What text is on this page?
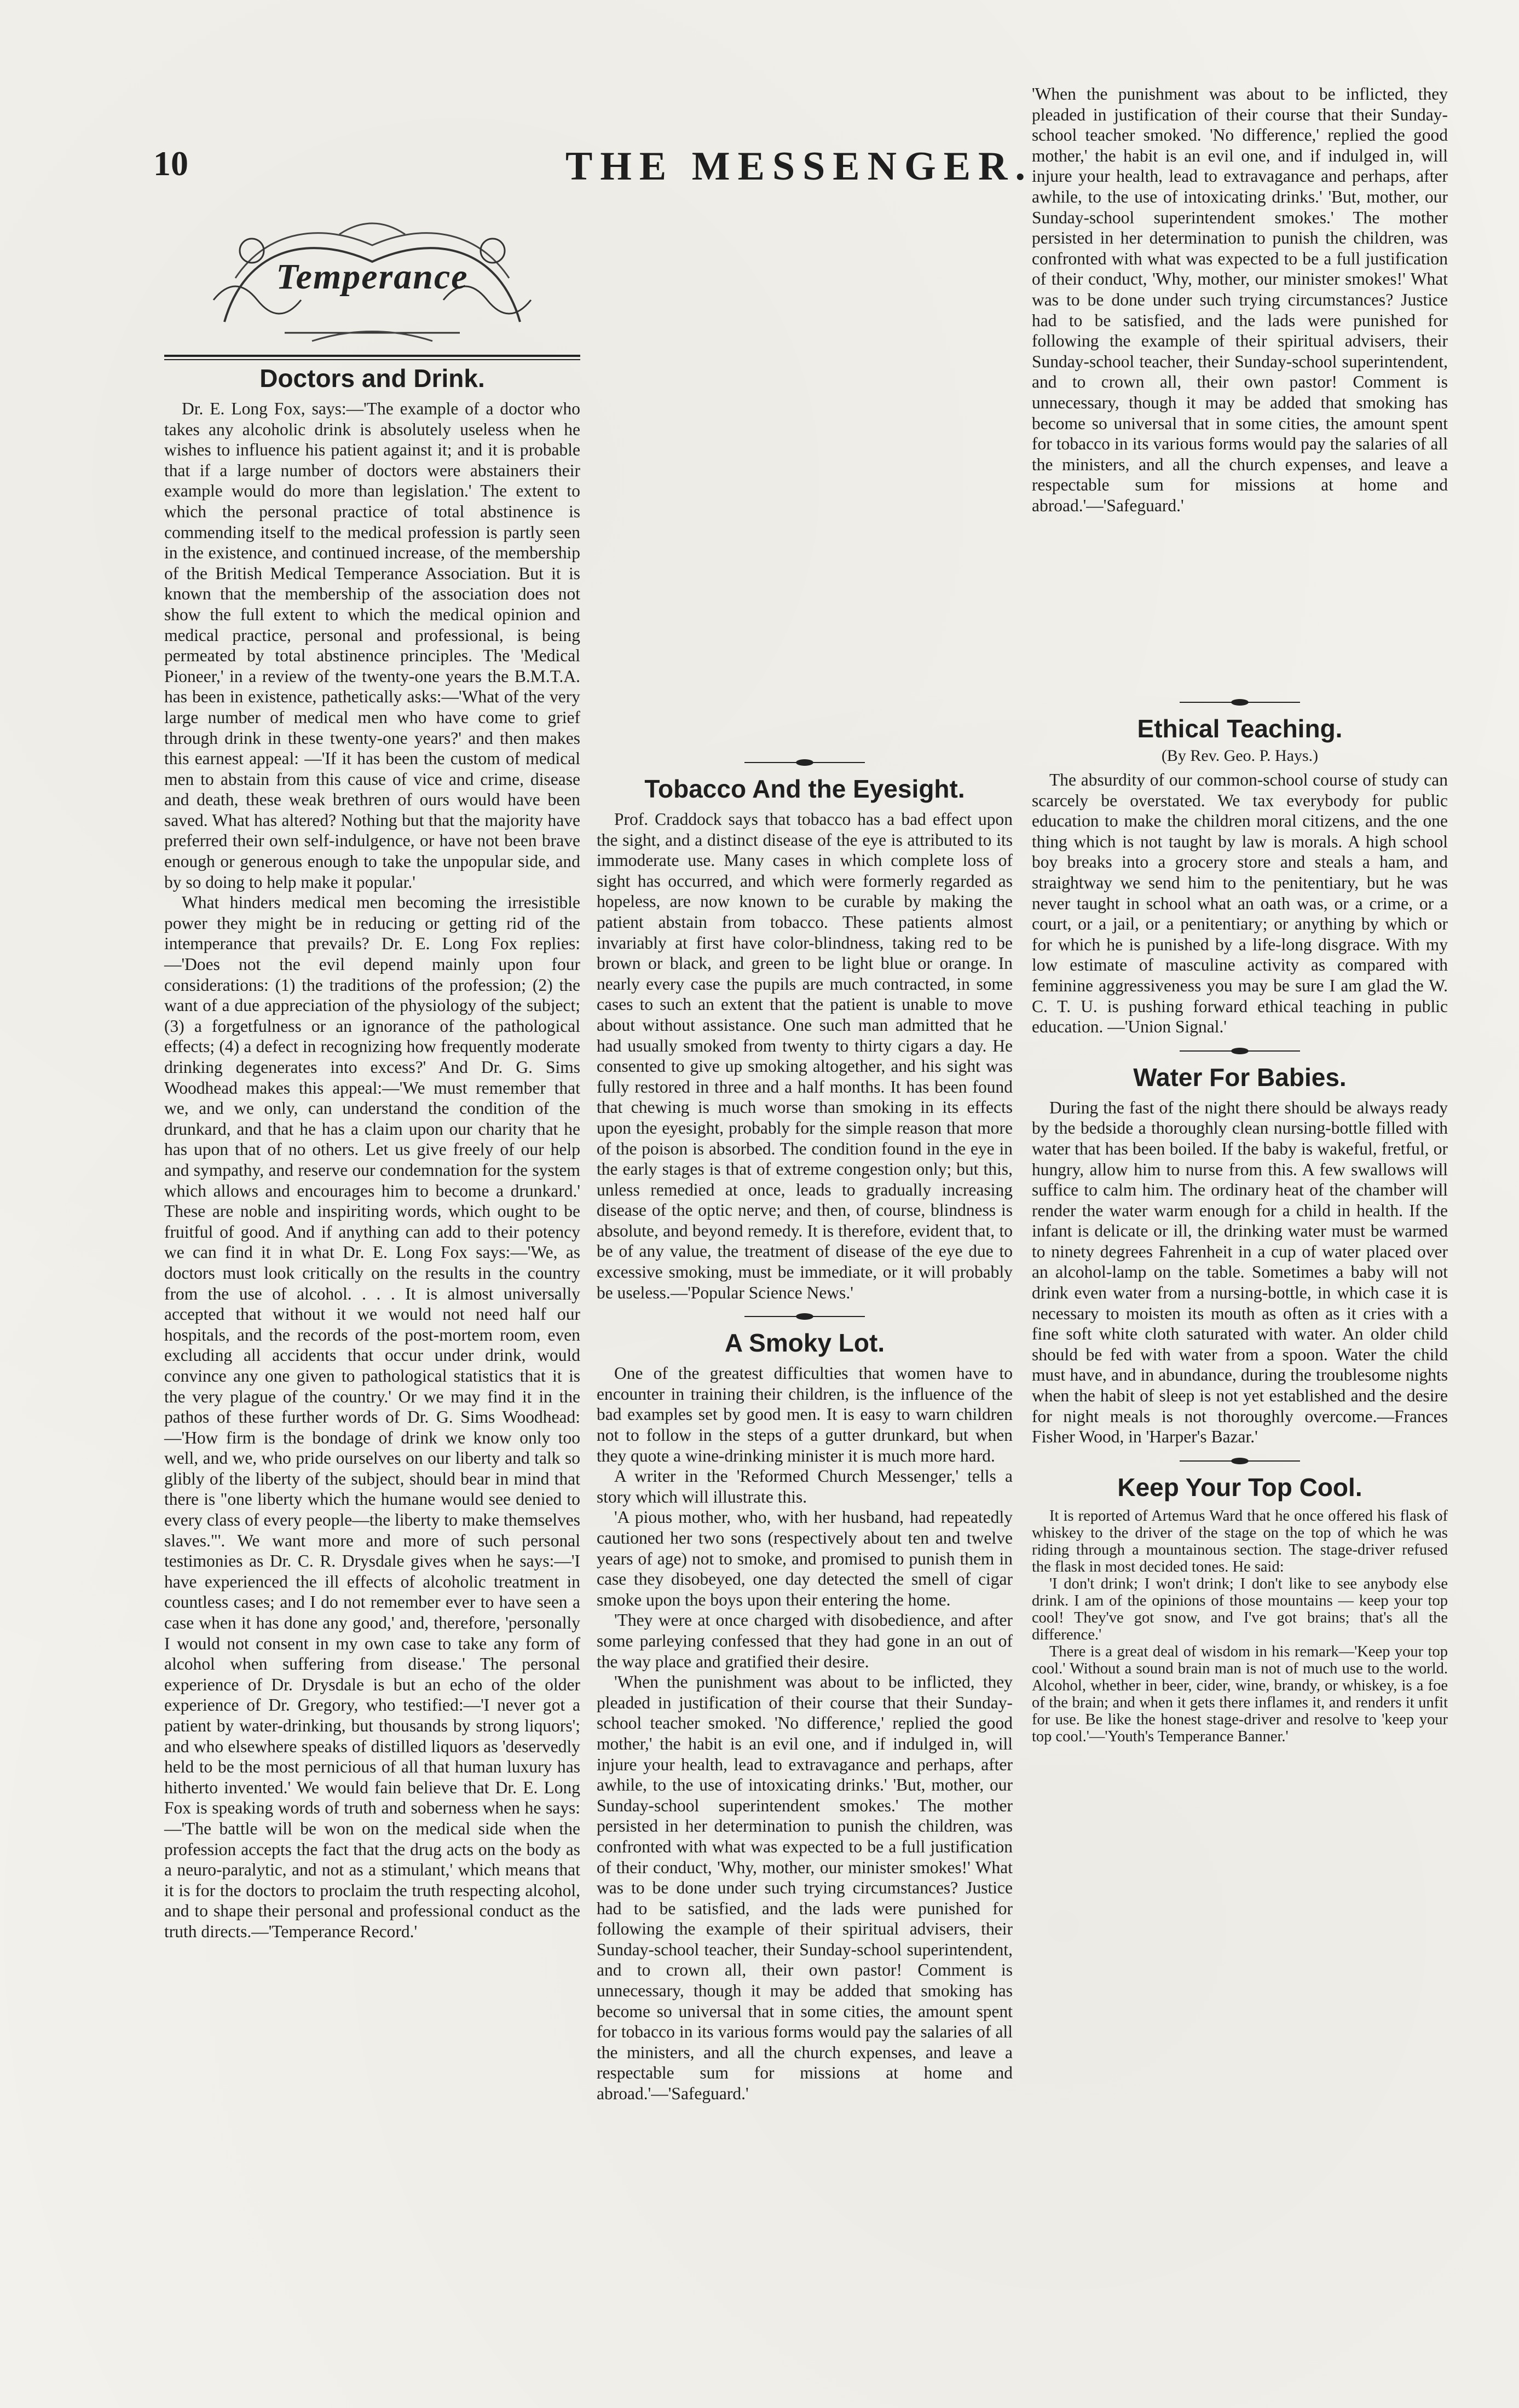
10	THE MESSENGER.
Temperance
Doctors and Drink.

Dr. E. Long Fox, says:—'The example of a doctor who takes any alcoholic drink is absolutely useless when he wishes to influence his patient against it; and it is probable that if a large number of doctors were abstainers their example would do more than legislation.' The extent to which the personal practice of total abstinence is commending itself to the medical profession is partly seen in the existence, and continued increase, of the membership of the British Medical Temperance Association. But it is known that the membership of the association does not show the full extent to which the medical opinion and medical practice, personal and professional, is being permeated by total abstinence principles. The 'Medical Pioneer,' in a review of the twenty-one years the B.M.T.A. has been in existence, pathetically asks:—'What of the very large number of medical men who have come to grief through drink in these twenty-one years?' and then makes this earnest appeal: —'If it has been the custom of medical men to abstain from this cause of vice and crime, disease and death, these weak brethren of ours would have been saved. What has altered? Nothing but that the majority have preferred their own self-indulgence, or have not been brave enough or generous enough to take the unpopular side, and by so doing to help make it popular.'

What hinders medical men becoming the irresistible power they might be in reducing or getting rid of the intemperance that prevails? Dr. E. Long Fox replies:—'Does not the evil depend mainly upon four considerations: (1) the traditions of the profession; (2) the want of a due appreciation of the physiology of the subject; (3) a forgetfulness or an ignorance of the pathological effects; (4) a defect in recognizing how frequently moderate drinking degenerates into excess?' And Dr. G. Sims Woodhead makes this appeal:—'We must remember that we, and we only, can understand the condition of the drunkard, and that he has a claim upon our charity that he has upon that of no others. Let us give freely of our help and sympathy, and reserve our condemnation for the system which allows and encourages him to become a drunkard.' These are noble and inspiriting words, which ought to be fruitful of good. And if anything can add to their potency we can find it in what Dr. E. Long Fox says:—'We, as doctors must look critically on the results in the country from the use of alcohol. . . . It is almost universally accepted that without it we would not need half our hospitals, and the records of the post-mortem room, even excluding all accidents that occur under drink, would convince any one given to pathological statistics that it is the very plague of the country.' Or we may find it in the pathos of these further words of Dr. G. Sims Woodhead:—'How firm is the bondage of drink we know only too well, and we, who pride ourselves on our liberty and talk so glibly of the liberty of the subject, should bear in mind that there is "one liberty which the humane would see denied to every class of every people—the liberty to make themselves slaves."'. We want more and more of such personal testimonies as Dr. C. R. Drysdale gives when he says:—'I have experienced the ill effects of alcoholic treatment in countless cases; and I do not remember ever to have seen a case when it has done any good,' and, therefore, 'personally I would not consent in my own case to take any form of alcohol when suffering from disease.' The personal experience of Dr. Drysdale is but an echo of the older experience of Dr. Gregory, who testified:—'I never got a patient by water-drinking, but thousands by strong liquors'; and who elsewhere speaks of distilled liquors as 'deservedly held to be the most pernicious of all that human luxury has hitherto invented.' We would fain believe that Dr. E. Long Fox is speaking words of truth and soberness when he says:—'The battle will be won on the medical side when the profession accepts the fact that the drug acts on the body as a neuro-paralytic, and not as a stimulant,' which means that it is for the doctors to proclaim the truth respecting alcohol, and to shape their personal and professional conduct as the truth directs.—'Temperance Record.'

Tobacco And the Eyesight.

Prof. Craddock says that tobacco has a bad effect upon the sight, and a distinct disease of the eye is attributed to its immoderate use. Many cases in which complete loss of sight has occurred, and which were formerly regarded as hopeless, are now known to be curable by making the patient abstain from tobacco. These patients almost invariably at first have color-blindness, taking red to be brown or black, and green to be light blue or orange. In nearly every case the pupils are much contracted, in some cases to such an extent that the patient is unable to move about without assistance. One such man admitted that he had usually smoked from twenty to thirty cigars a day. He consented to give up smoking altogether, and his sight was fully restored in three and a half months. It has been found that chewing is much worse than smoking in its effects upon the eyesight, probably for the simple reason that more of the poison is absorbed. The condition found in the eye in the early stages is that of extreme congestion only; but this, unless remedied at once, leads to gradually increasing disease of the optic nerve; and then, of course, blindness is absolute, and beyond remedy. It is therefore, evident that, to be of any value, the treatment of disease of the eye due to excessive smoking, must be immediate, or it will probably be useless.—'Popular Science News.'

A Smoky Lot.

One of the greatest difficulties that women have to encounter in training their children, is the influence of the bad examples set by good men. It is easy to warn children not to follow in the steps of a gutter drunkard, but when they quote a wine-drinking minister it is much more hard.

A writer in the 'Reformed Church Messenger,' tells a story which will illustrate this.

'A pious mother, who, with her husband, had repeatedly cautioned her two sons (respectively about ten and twelve years of age) not to smoke, and promised to punish them in case they disobeyed, one day detected the smell of cigar smoke upon the boys upon their entering the home.

'They were at once charged with disobedience, and after some parleying confessed that they had gone in an out of the way place and gratified their desire.

'When the punishment was about to be inflicted, they pleaded in justification of their course that their Sunday-school teacher smoked. 'No difference,' replied the good mother,' the habit is an evil one, and if indulged in, will injure your health, lead to extravagance and perhaps, after awhile, to the use of intoxicating drinks.' 'But, mother, our Sunday-school superintendent smokes.' The mother persisted in her determination to punish the children, was confronted with what was expected to be a full justification of their conduct, 'Why, mother, our minister smokes!' What was to be done under such trying circumstances? Justice had to be satisfied, and the lads were punished for following the example of their spiritual advisers, their Sunday-school teacher, their Sunday-school superintendent, and to crown all, their own pastor! Comment is unnecessary, though it may be added that smoking has become so universal that in some cities, the amount spent for tobacco in its various forms would pay the salaries of all the ministers, and all the church expenses, and leave a respectable sum for missions at home and abroad.'—'Safeguard.'

'When the punishment was about to be inflicted, they pleaded in justification of their course that their Sunday-school teacher smoked. 'No difference,' replied the good mother,' the habit is an evil one, and if indulged in, will injure your health, lead to extravagance and perhaps, after awhile, to the use of intoxicating drinks.' 'But, mother, our Sunday-school superintendent smokes.' The mother persisted in her determination to punish the children, was confronted with what was expected to be a full justification of their conduct, 'Why, mother, our minister smokes!' What was to be done under such trying circumstances? Justice had to be satisfied, and the lads were punished for following the example of their spiritual advisers, their Sunday-school teacher, their Sunday-school superintendent, and to crown all, their own pastor! Comment is unnecessary, though it may be added that smoking has become so universal that in some cities, the amount spent for tobacco in its various forms would pay the salaries of all the ministers, and all the church expenses, and leave a respectable sum for missions at home and abroad.'—'Safeguard.'

Ethical Teaching.
(By Rev. Geo. P. Hays.)

The absurdity of our common-school course of study can scarcely be overstated. We tax everybody for public education to make the children moral citizens, and the one thing which is not taught by law is morals. A high school boy breaks into a grocery store and steals a ham, and straightway we send him to the penitentiary, but he was never taught in school what an oath was, or a crime, or a court, or a jail, or a penitentiary; or anything by which or for which he is punished by a life-long disgrace. With my low estimate of masculine activity as compared with feminine aggressiveness you may be sure I am glad the W. C. T. U. is pushing forward ethical teaching in public education. —'Union Signal.'

Water For Babies.

During the fast of the night there should be always ready by the bedside a thoroughly clean nursing-bottle filled with water that has been boiled. If the baby is wakeful, fretful, or hungry, allow him to nurse from this. A few swallows will suffice to calm him. The ordinary heat of the chamber will render the water warm enough for a child in health. If the infant is delicate or ill, the drinking water must be warmed to ninety degrees Fahrenheit in a cup of water placed over an alcohol-lamp on the table. Sometimes a baby will not drink even water from a nursing-bottle, in which case it is necessary to moisten its mouth as often as it cries with a fine soft white cloth saturated with water. An older child should be fed with water from a spoon. Water the child must have, and in abundance, during the troublesome nights when the habit of sleep is not yet established and the desire for night meals is not thoroughly overcome.—Frances Fisher Wood, in 'Harper's Bazar.'

Keep Your Top Cool.

It is reported of Artemus Ward that he once offered his flask of whiskey to the driver of the stage on the top of which he was riding through a mountainous section. The stage-driver refused the flask in most decided tones. He said:

'I don't drink; I won't drink; I don't like to see anybody else drink. I am of the opinions of those mountains — keep your top cool! They've got snow, and I've got brains; that's all the difference.'

There is a great deal of wisdom in his remark—'Keep your top cool.' Without a sound brain man is not of much use to the world. Alcohol, whether in beer, cider, wine, brandy, or whiskey, is a foe of the brain; and when it gets there inflames it, and renders it unfit for use. Be like the honest stage-driver and resolve to 'keep your top cool.'—'Youth's Temperance Banner.'
